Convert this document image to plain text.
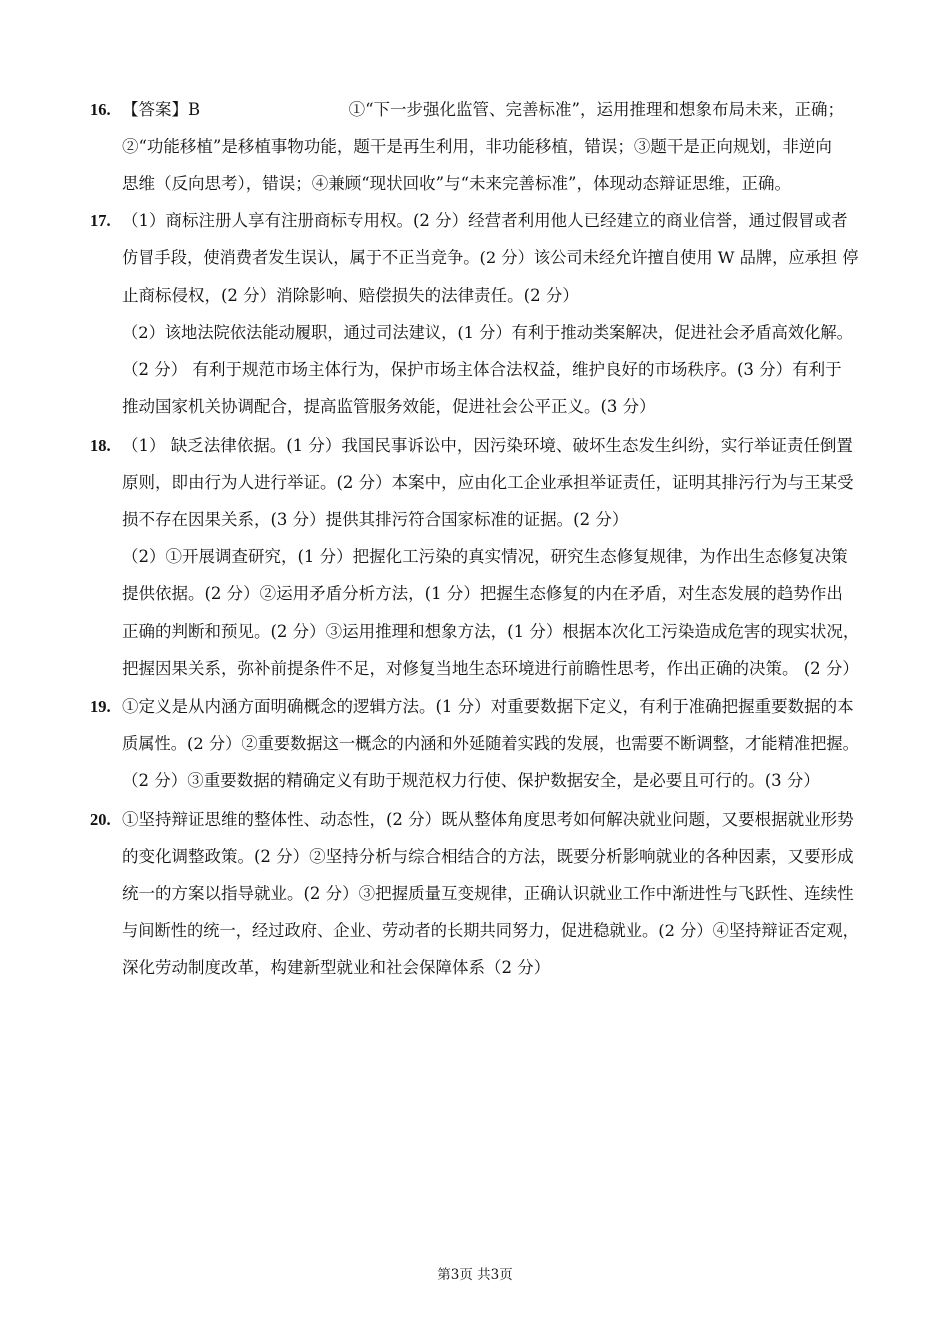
16. 【答案】B　　　　　　　　　①“下一步强化监管、完善标准”，运用推理和想象布局未来，正确；
②“功能移植”是移植事物功能，题干是再生利用，非功能移植，错误；③题干是正向规划，非逆向
思维（反向思考），错误；④兼顾“现状回收”与“未来完善标准”，体现动态辩证思维，正确。
17. （1）商标注册人享有注册商标专用权。(2 分）经营者利用他人已经建立的商业信誉，通过假冒或者
仿冒手段，使消费者发生误认，属于不正当竞争。(2 分）该公司未经允许擅自使用 W 品牌，应承担 停
止商标侵权，(2 分）消除影响、赔偿损失的法律责任。(2 分）
（2）该地法院依法能动履职，通过司法建议，(1 分）有利于推动类案解决，促进社会矛盾高效化解。
（2 分） 有利于规范市场主体行为，保护市场主体合法权益，维护良好的市场秩序。(3 分）有利于
推动国家机关协调配合，提高监管服务效能，促进社会公平正义。(3 分）
18. （1） 缺乏法律依据。(1 分）我国民事诉讼中，因污染环境、破坏生态发生纠纷，实行举证责任倒置
原则，即由行为人进行举证。(2 分）本案中，应由化工企业承担举证责任，证明其排污行为与王某受
损不存在因果关系，(3 分）提供其排污符合国家标准的证据。(2 分）
（2）①开展调查研究，(1 分）把握化工污染的真实情况，研究生态修复规律，为作出生态修复决策
提供依据。(2 分）②运用矛盾分析方法，(1 分）把握生态修复的内在矛盾，对生态发展的趋势作出
正确的判断和预见。(2 分）③运用推理和想象方法，(1 分）根据本次化工污染造成危害的现实状况，
把握因果关系，弥补前提条件不足，对修复当地生态环境进行前瞻性思考，作出正确的决策。 (2 分）
19. ①定义是从内涵方面明确概念的逻辑方法。(1 分）对重要数据下定义，有利于准确把握重要数据的本
质属性。(2 分）②重要数据这一概念的内涵和外延随着实践的发展，也需要不断调整，才能精准把握。
（2 分）③重要数据的精确定义有助于规范权力行使、保护数据安全，是必要且可行的。(3 分）
20. ①坚持辩证思维的整体性、动态性，(2 分）既从整体角度思考如何解决就业问题，又要根据就业形势
的变化调整政策。(2 分）②坚持分析与综合相结合的方法，既要分析影响就业的各种因素，又要形成
统一的方案以指导就业。(2 分）③把握质量互变规律，正确认识就业工作中渐进性与飞跃性、连续性
与间断性的统一，经过政府、企业、劳动者的长期共同努力，促进稳就业。(2 分）④坚持辩证否定观，
深化劳动制度改革，构建新型就业和社会保障体系（2 分）
第3页 共3页
